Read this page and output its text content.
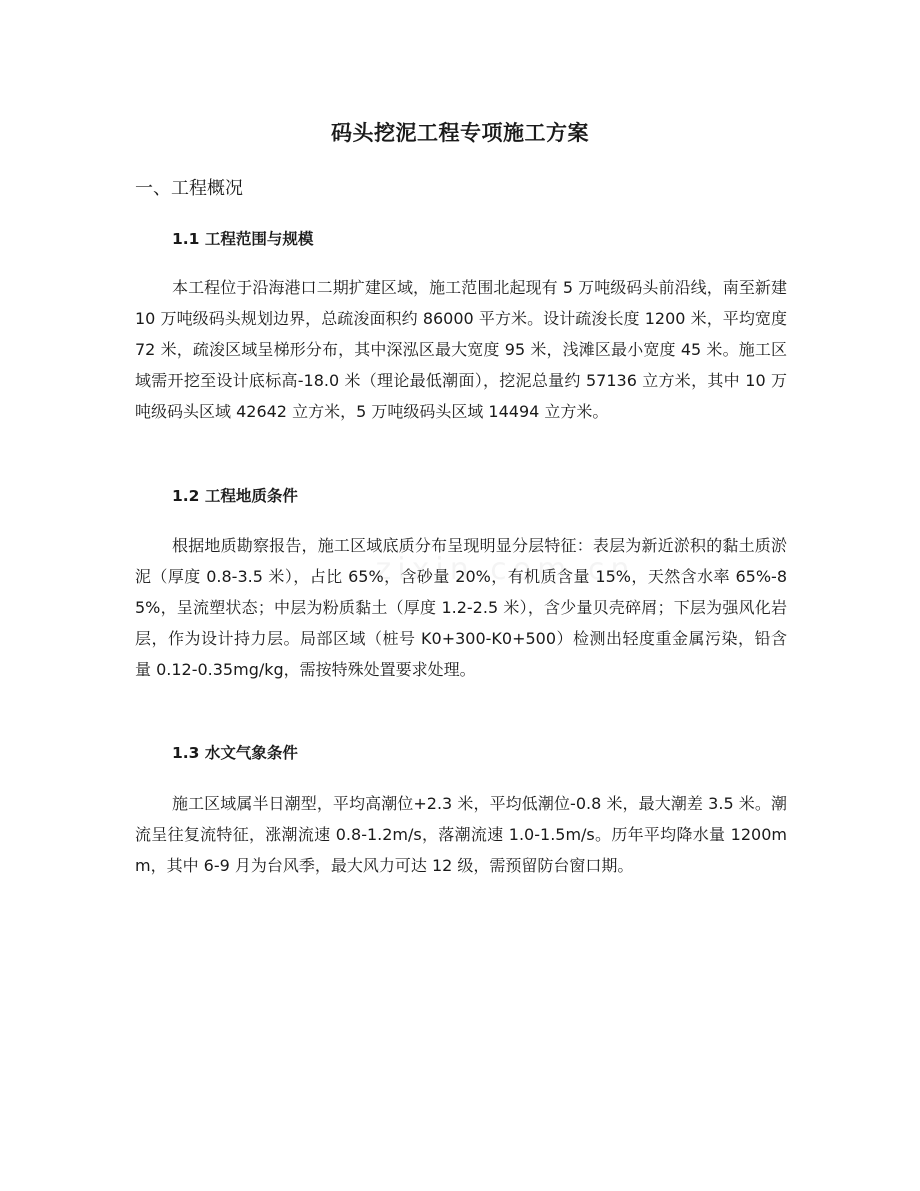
码头挖泥工程专项施工方案
一、工程概况
1.1 工程范围与规模

本工程位于沿海港口二期扩建区域，施工范围北起现有 5 万吨级码头前沿线，南至新建 10 万吨级码头规划边界，总疏浚面积约 86000 平方米。设计疏浚长度 1200 米，平均宽度 72 米，疏浚区域呈梯形分布，其中深泓区最大宽度 95 米，浅滩区最小宽度 45 米。施工区域需开挖至设计底标高-18.0 米（理论最低潮面），挖泥总量约 57136 立方米，其中 10 万吨级码头区域 42642 立方米，5 万吨级码头区域 14494 立方米。

1.2 工程地质条件

根据地质勘察报告，施工区域底质分布呈现明显分层特征：表层为新近淤积的黏土质淤泥（厚度 0.8-3.5 米），占比 65%，含砂量 20%，有机质含量 15%，天然含水率 65%-85%，呈流塑状态；中层为粉质黏土（厚度 1.2-2.5 米），含少量贝壳碎屑；下层为强风化岩层，作为设计持力层。局部区域（桩号 K0+300-K0+500）检测出轻度重金属污染，铅含量 0.12-0.35mg/kg，需按特殊处置要求处理。

1.3 水文气象条件

施工区域属半日潮型，平均高潮位+2.3 米，平均低潮位-0.8 米，最大潮差 3.5 米。潮流呈往复流特征，涨潮流速 0.8-1.2m/s，落潮流速 1.0-1.5m/s。历年平均降水量 1200mm，其中 6-9 月为台风季，最大风力可达 12 级，需预留防台窗口期。
